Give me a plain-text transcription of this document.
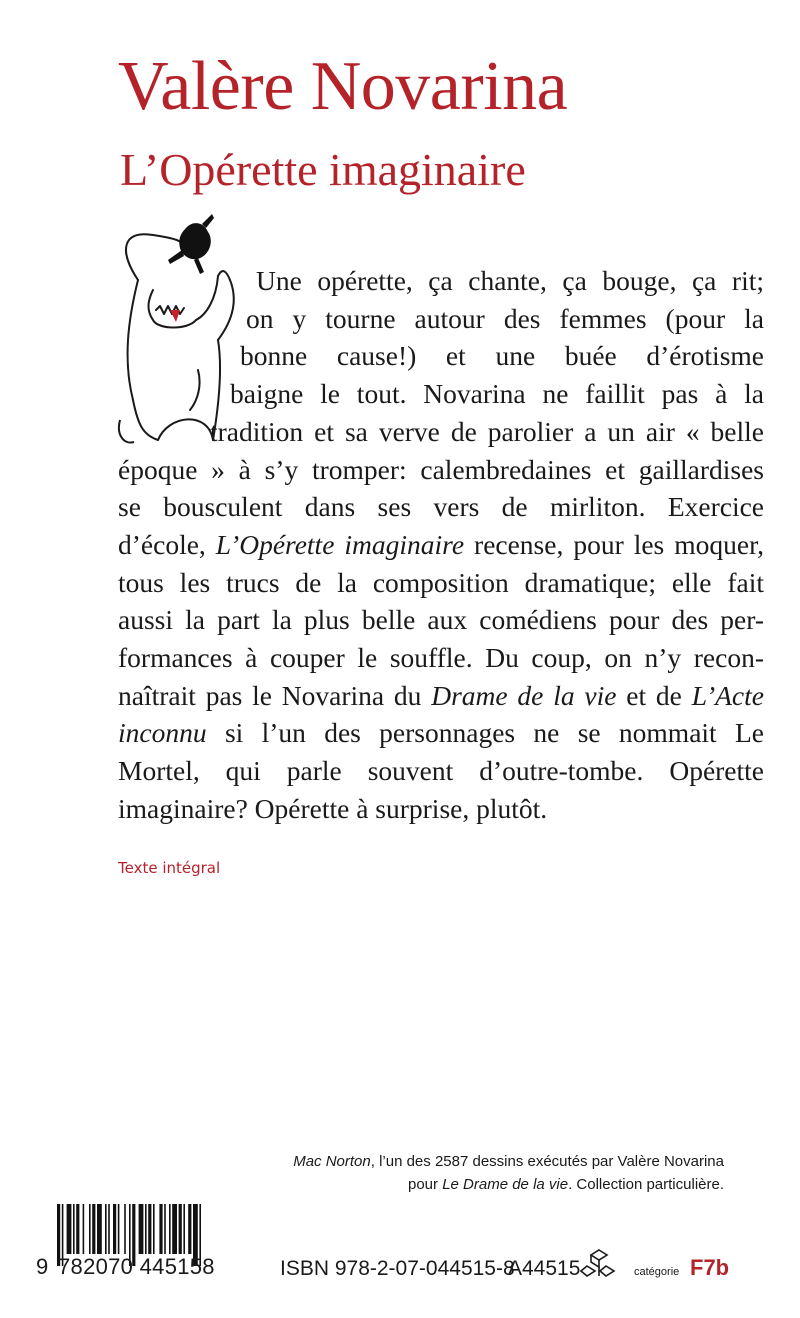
Valère Novarina
L’Opérette imaginaire
Une opérette, ça chante, ça bouge, ça rit;
on y tourne autour des femmes (pour la
bonne cause!) et une buée d’érotisme
baigne le tout. Novarina ne faillit pas à la
tradition et sa verve de parolier a un air « belle
époque » à s’y tromper: calembredaines et gaillardises
se bousculent dans ses vers de mirliton. Exercice
d’école, L’Opérette imaginaire recense, pour les moquer,
tous les trucs de la composition dramatique; elle fait
aussi la part la plus belle aux comédiens pour des per-
formances à couper le souffle. Du coup, on n’y recon-
naîtrait pas le Novarina du Drame de la vie et de L’Acte
inconnu si l’un des personnages ne se nommait Le
Mortel, qui parle souvent d’outre-tombe. Opérette
imaginaire? Opérette à surprise, plutôt.
Texte intégral
Mac Norton, l’un des 2587 dessins exécutés par Valère Novarina
pour Le Drame de la vie. Collection particulière.
9 782070 445158	ISBN 978-2-07-044515-8
A44515	catégorie F7b
